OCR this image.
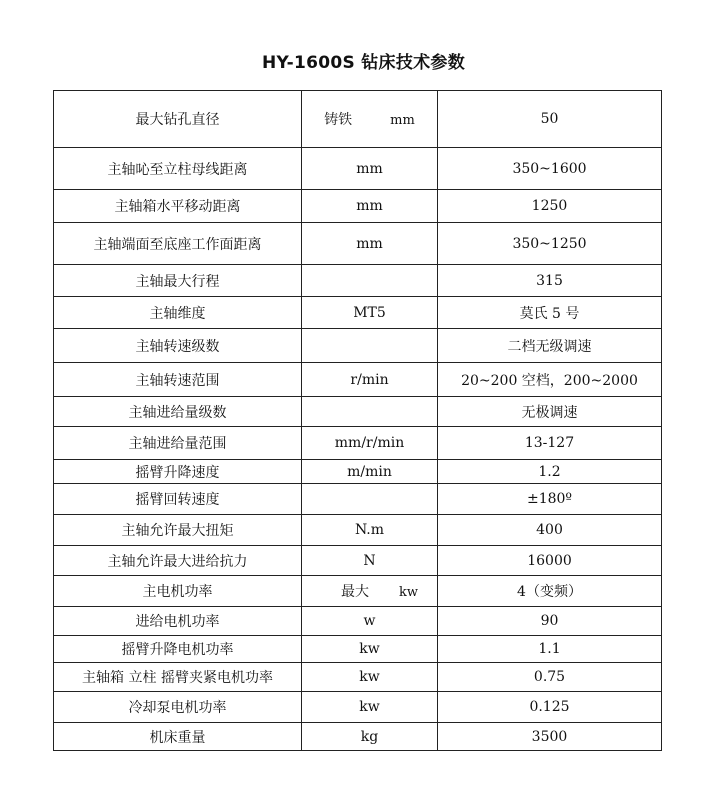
HY-1600S 钻床技术参数
最大钻孔直径	铸铁 mm	50
主轴吣至立柱母线距离	mm	350~1600
主轴箱水平移动距离	mm	1250
主轴端面至底座工作面距离	mm	350~1250
主轴最大行程		315
主轴维度	MT5	莫氏 5 号
主轴转速级数		二档无级调速
主轴转速范围	r/min	20~200 空档，200~2000
主轴进给量级数		无极调速
主轴进给量范围	mm/r/min	13-127
摇臂升降速度	m/min	1.2
摇臂回转速度		±180º
主轴允许最大扭矩	N.m	400
主轴允许最大进给抗力	N	16000
主电机功率	最大 kw	4（变频）
进给电机功率	w	90
摇臂升降电机功率	kw	1.1
主轴箱 立柱 摇臂夹紧电机功率	kw	0.75
冷却泵电机功率	kw	0.125
机床重量	kg	3500
